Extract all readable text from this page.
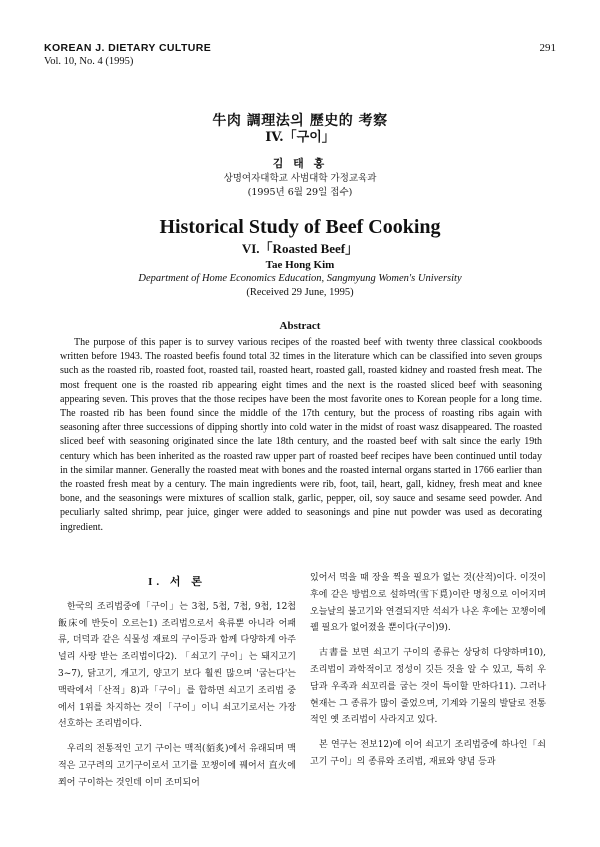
KOREAN J. DIETARY CULTURE
Vol. 10, No. 4 (1995)
291
牛肉 調理法의 歷史的 考察
IV.「구이」
김 태 홍
상명여자대학교 사범대학 가정교육과
(1995년 6월 29일 접수)
Historical Study of Beef Cooking
VI.「Roasted Beef」
Tae Hong Kim
Department of Home Economics Education, Sangmyung Women's University
(Received 29 June, 1995)
Abstract
The purpose of this paper is to survey various recipes of the roasted beef with twenty three classical cookboods written before 1943. The roasted beefis found total 32 times in the literature which can be classified into seven groups such as the roasted rib, roasted foot, roasted tail, roasted heart, roasted gall, roasted kidney and roasted fresh meat. The most frequent one is the roasted rib appearing eight times and the next is the roasted sliced beef with seasoning appearing seven. This proves that the those recipes have been the most favorite ones to Korean people for a long time. The roasted rib has been found since the middle of the 17th century, but the process of roasting ribs again with seasoning after three successions of dipping shortly into cold water in the midst of roast wasz disappeared. The roasted sliced beef with seasoning originated since the late 18th century, and the roasted beef with salt since the early 19th century which has been inherited as the roasted raw upper part of roasted beef recipes have been continued until today in the similar manner. Generally the roasted meat with bones and the roasted internal organs started in 1766 earlier than the roasted fresh meat by a century. The main ingredients were rib, foot, tail, heart, gall, kidney, fresh meat and knee bone, and the seasonings were mixtures of scallion stalk, garlic, pepper, oil, soy sauce and sesame seed powder. And peculiarly salted shrimp, pear juice, ginger were added to seasonings and pine nut powder was used as decorating ingredient.
I. 서 론

한국의 조리법중에「구이」는 3첩, 5첩, 7첩, 9첩, 12첩 飯床에 반듯이 오르는1) 조리법으로서 육류뿐 아니라 어패류, 더덕과 같은 식물성 재료의 구이등과 함께 다양하게 아주 널리 사랑 받는 조리법이다2). 「쇠고기 구이」는 돼지고기3~7), 닭고기, 개고기, 양고기 보다 훨씬 많으며 '굽는다'는 맥락에서「산적」8)과「구이」를 합하면 쇠고기 조리법 중에서 1위를 차지하는 것이「구이」이니 쇠고기로서는 가장 선호하는 조리법이다.

우리의 전통적인 고기 구이는 맥적(貊炙)에서 유래되며 맥적은 고구려의 고기구이로서 고기를 꼬챙이에 꿰어서 直火에 쬐어 구이하는 것인데 이미 조미되어

있어서 먹을 때 장을 찍을 필요가 없는 것(산적)이다. 이것이 후에 같은 방법으로 설하멱(雪下覓)이란 명칭으로 이어지며 오늘날의 불고기와 연결되지만 석쇠가 나온 후에는 꼬챙이에 꿸 필요가 없어졌을 뿐이다(구이)9).

古書를 보면 쇠고기 구이의 종류는 상당히 다양하며10), 조리법이 과학적이고 정성이 깃든 것을 알 수 있고, 특히 우담과 우족과 쇠꼬리를 굽는 것이 특이할 만하다11). 그러나 현재는 그 종류가 많이 줄었으며, 기계와 기물의 발달로 전통적인 옛 조리법이 사라지고 있다.

본 연구는 전보12)에 이어 쇠고기 조리법중에 하나인「쇠고기 구이」의 종류와 조리법, 재료와 양념 등과
